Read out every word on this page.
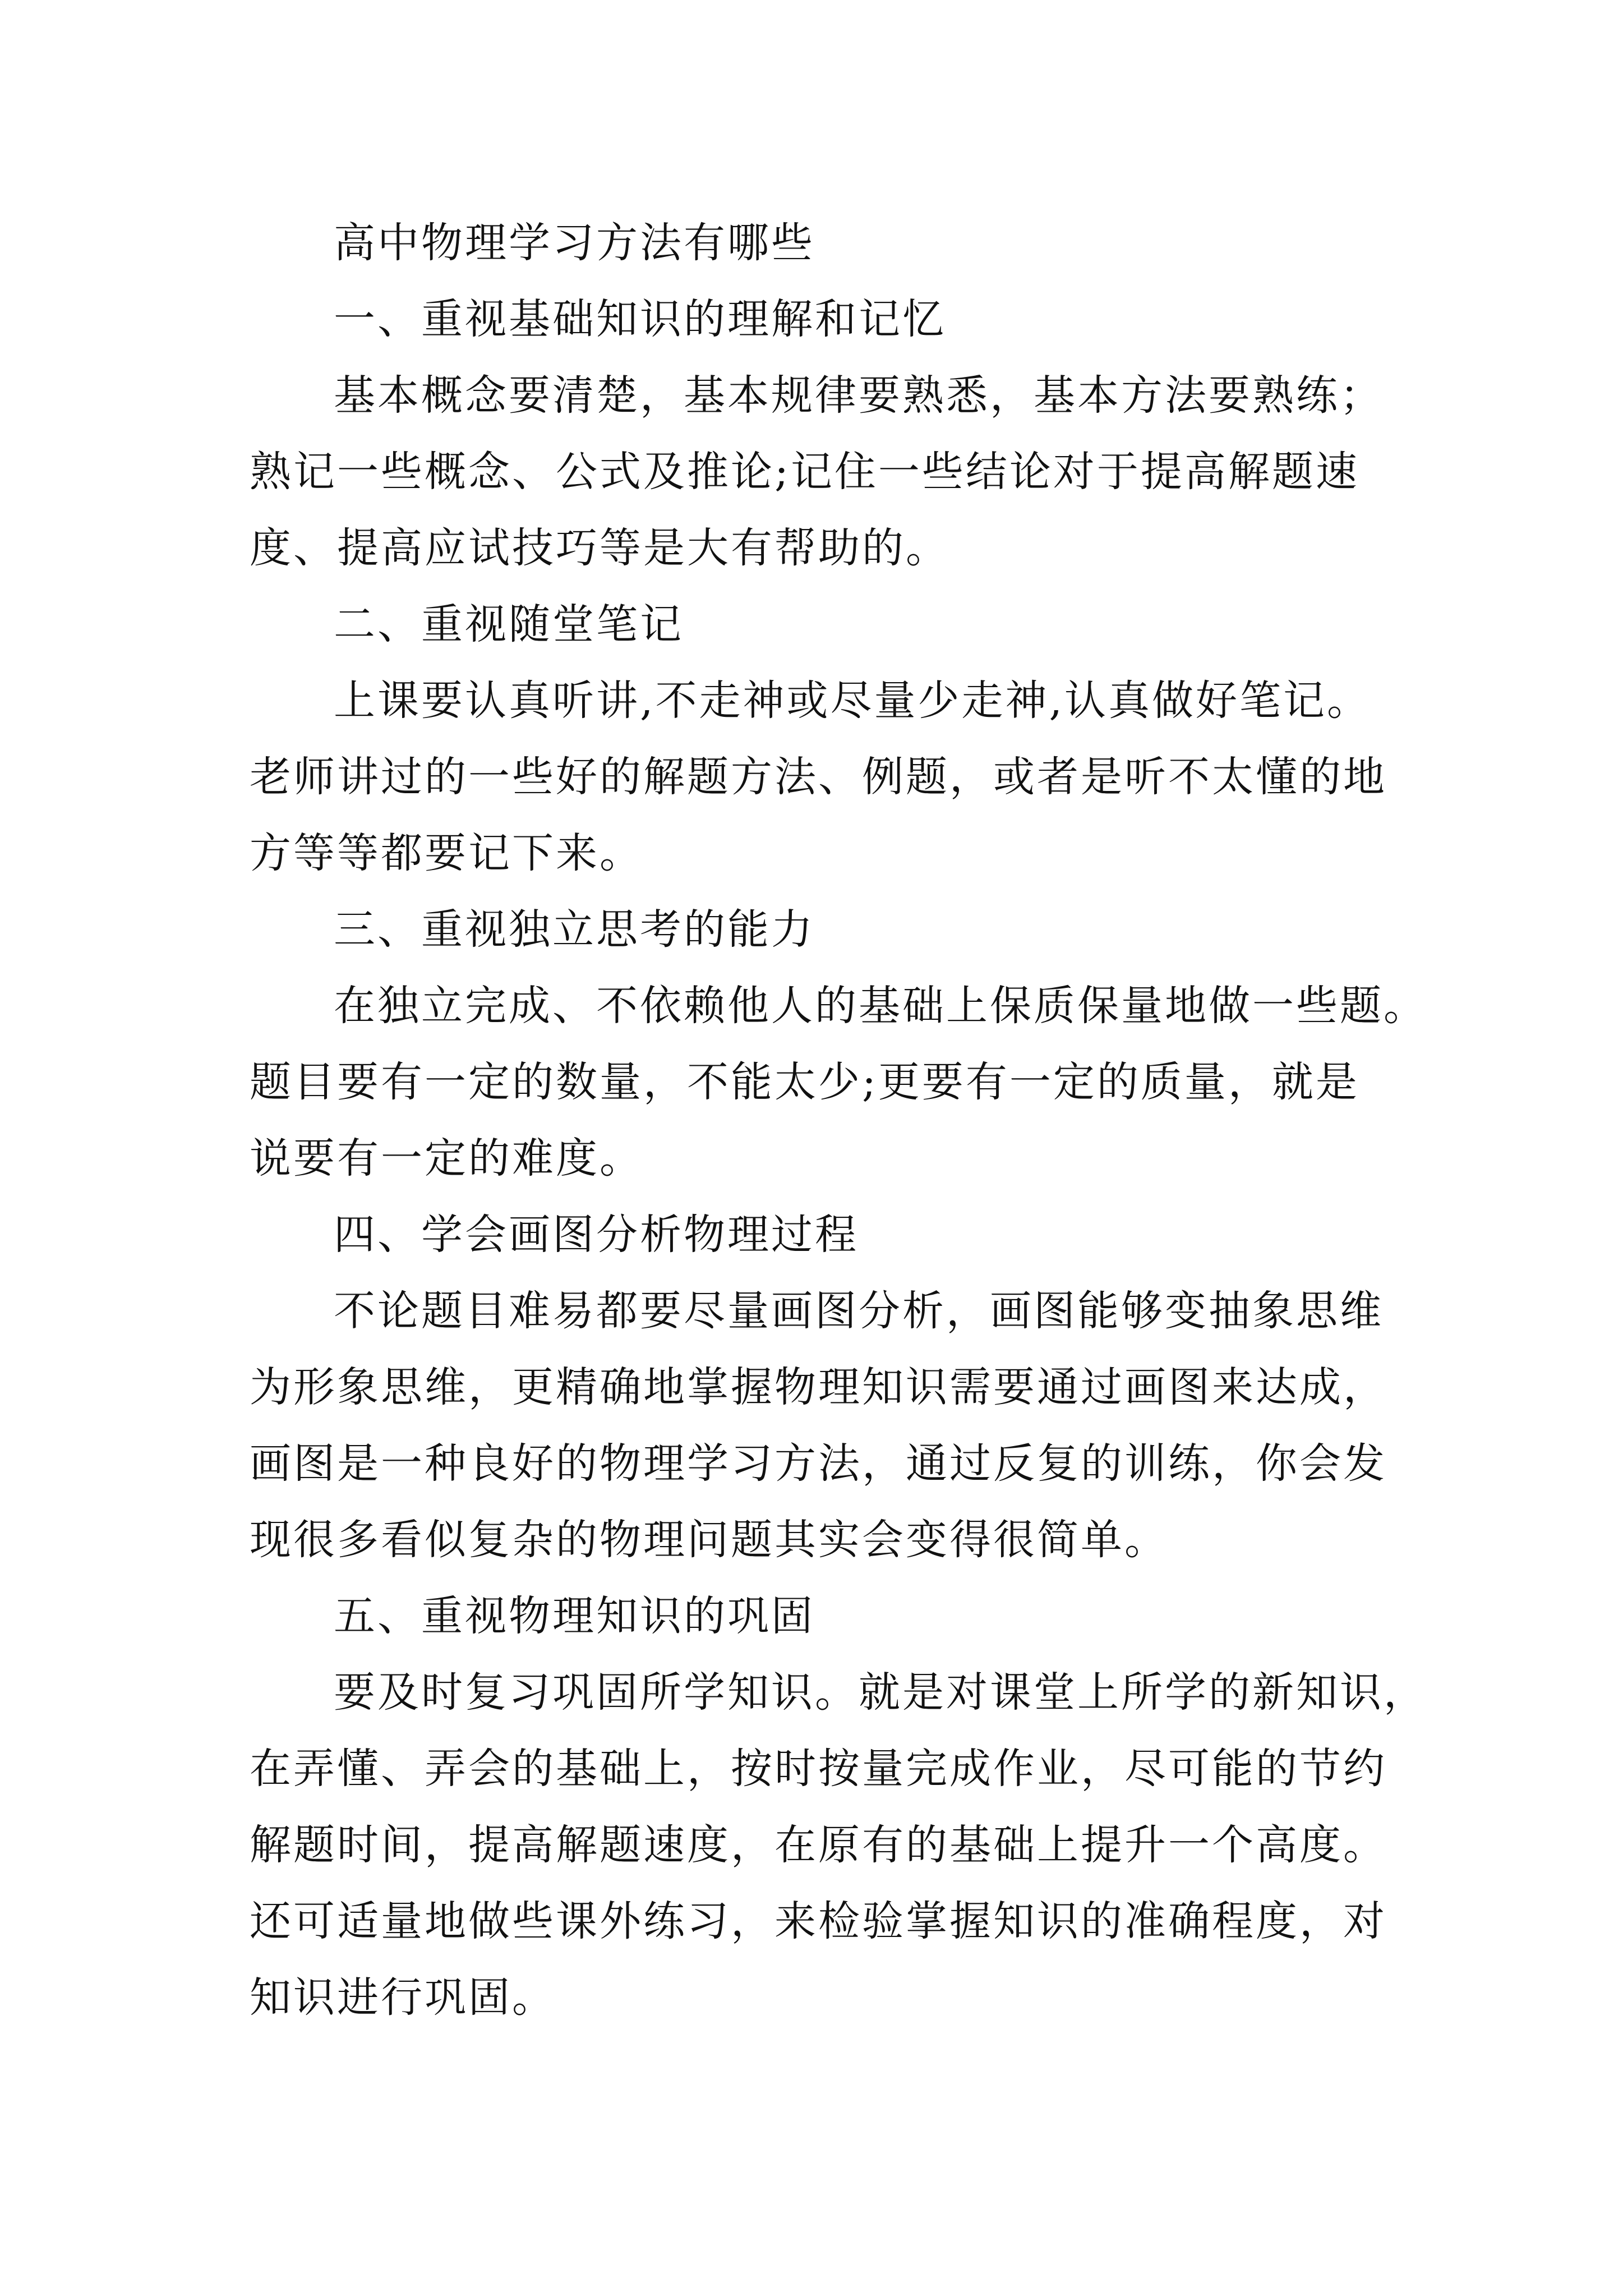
高中物理学习方法有哪些
一、重视基础知识的理解和记忆
基本概念要清楚，基本规律要熟悉，基本方法要熟练；
熟记一些概念、公式及推论;记住一些结论对于提高解题速
度、提高应试技巧等是大有帮助的。
二、重视随堂笔记
上课要认真听讲,不走神或尽量少走神,认真做好笔记。
老师讲过的一些好的解题方法、例题，或者是听不太懂的地
方等等都要记下来。
三、重视独立思考的能力
在独立完成、不依赖他人的基础上保质保量地做一些题。
题目要有一定的数量，不能太少;更要有一定的质量，就是
说要有一定的难度。
四、学会画图分析物理过程
不论题目难易都要尽量画图分析，画图能够变抽象思维
为形象思维，更精确地掌握物理知识需要通过画图来达成，
画图是一种良好的物理学习方法，通过反复的训练，你会发
现很多看似复杂的物理问题其实会变得很简单。
五、重视物理知识的巩固
要及时复习巩固所学知识。就是对课堂上所学的新知识，
在弄懂、弄会的基础上，按时按量完成作业，尽可能的节约
解题时间，提高解题速度，在原有的基础上提升一个高度。
还可适量地做些课外练习，来检验掌握知识的准确程度，对
知识进行巩固。
